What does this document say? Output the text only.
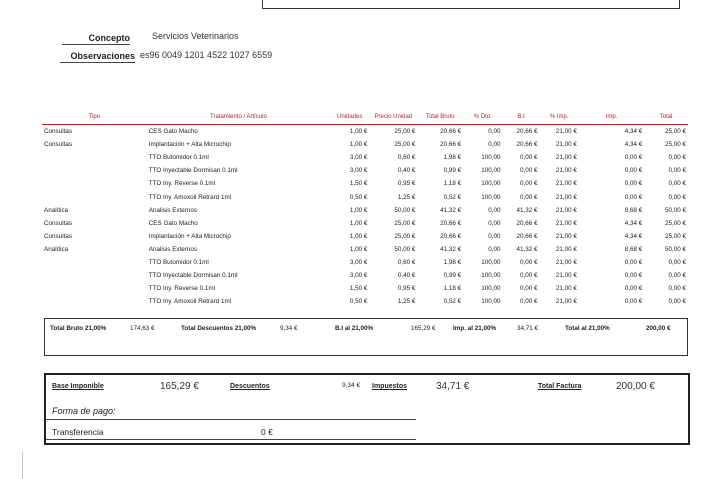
Concepto Servicios Veterinarios
Observaciones es96 0049 1201 4522 1027 6559
Tipo	Tratamiento / Artículo	Unidades	Precio Unidad	Total Bruto	% Dto.	B.I	% Imp.	Imp.	Total
Consultas	CES Gato Macho	1,00 €	25,00 €	20,66 €	0,00	20,66 €	21,00 €	4,34 €	25,00 €
Consultas	Implantación + Alta Microchip	1,00 €	25,00 €	20,66 €	0,00	20,66 €	21,00 €	4,34 €	25,00 €
	TTO Butomidor 0.1ml	3,00 €	0,60 €	1,98 €	100,00	0,00 €	21,00 €	0,00 €	0,00 €
	TTO Inyectable Dormisan 0.1ml	3,00 €	0,40 €	0,99 €	100,00	0,00 €	21,00 €	0,00 €	0,00 €
	TTO Iny. Reverse 0.1ml	1,50 €	0,95 €	1,18 €	100,00	0,00 €	21,00 €	0,00 €	0,00 €
	TTO Iny. Amoxoil Retrard 1ml	0,50 €	1,25 €	0,52 €	100,00	0,00 €	21,00 €	0,00 €	0,00 €
Analítica	Analisis Externos	1,00 €	50,00 €	41,32 €	0,00	41,32 €	21,00 €	8,68 €	50,00 €
Consultas	CES Gato Macho	1,00 €	25,00 €	20,66 €	0,00	20,66 €	21,00 €	4,34 €	25,00 €
Consultas	Implantación + Alta Microchip	1,00 €	25,00 €	20,66 €	0,00	20,66 €	21,00 €	4,34 €	25,00 €
Analítica	Analisis Externos	1,00 €	50,00 €	41,32 €	0,00	41,32 €	21,00 €	8,68 €	50,00 €
	TTO Butomidor 0.1ml	3,00 €	0,60 €	1,98 €	100,00	0,00 €	21,00 €	0,00 €	0,00 €
	TTO Inyectable Dormisan 0.1ml	3,00 €	0,40 €	0,99 €	100,00	0,00 €	21,00 €	0,00 €	0,00 €
	TTO Iny. Reverse 0.1ml	1,50 €	0,95 €	1,18 €	100,00	0,00 €	21,00 €	0,00 €	0,00 €
	TTO Iny. Amoxoil Retrard 1ml	0,50 €	1,25 €	0,52 €	100,00	0,00 €	21,00 €	0,00 €	0,00 €
Total Bruto 21,00%	174,63 €	Total Descuentos 21,00%	9,34 €	B.I al 21,00%	165,29 €	Imp. al 21,00%	34,71 €	Total al 21,00%	200,00 €
Base Imponible	165,29 €	Descuentos	9,34 € Impuestos	34,71 €	Total Factura	200,00 €
Forma de pago:
Transferencia	0 €
